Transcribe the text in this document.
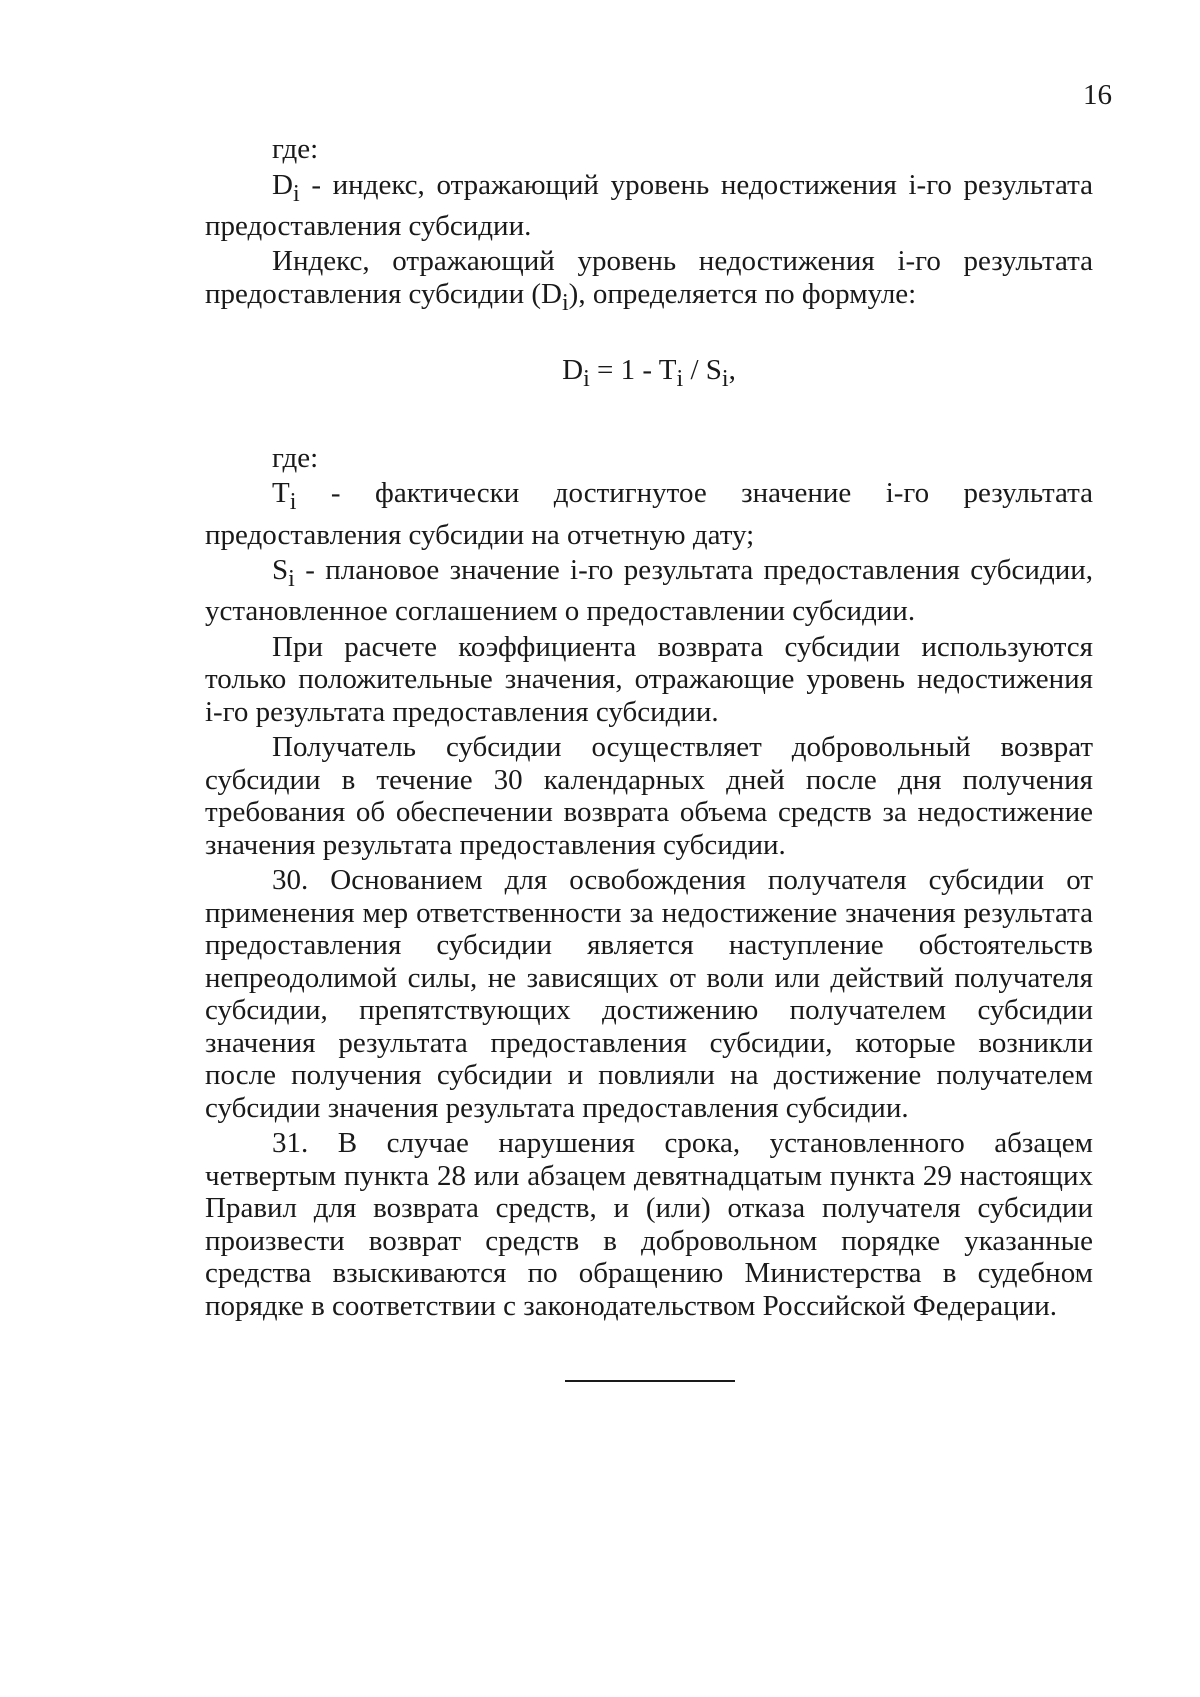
16

где:

$D_i$ - индекс, отражающий уровень недостижения i-го результата предоставления субсидии.

Индекс, отражающий уровень недостижения i-го результата предоставления субсидии $(D_i)$, определяется по формуле:

$D_i = 1 - T_i / S_i$,

где:

$T_i$ - фактически достигнутое значение i-го результата предоставления субсидии на отчетную дату;

$S_i$ - плановое значение i-го результата предоставления субсидии, установленное соглашением о предоставлении субсидии.

При расчете коэффициента возврата субсидии используются только положительные значения, отражающие уровень недостижения i-го результата предоставления субсидии.

Получатель субсидии осуществляет добровольный возврат субсидии в течение 30 календарных дней после дня получения требования об обеспечении возврата объема средств за недостижение значения результата предоставления субсидии.

30. Основанием для освобождения получателя субсидии от применения мер ответственности за недостижение значения результата предоставления субсидии является наступление обстоятельств непреодолимой силы, не зависящих от воли или действий получателя субсидии, препятствующих достижению получателем субсидии значения результата предоставления субсидии, которые возникли после получения субсидии и повлияли на достижение получателем субсидии значения результата предоставления субсидии.

31. В случае нарушения срока, установленного абзацем четвертым пункта 28 или абзацем девятнадцатым пункта 29 настоящих Правил для возврата средств, и (или) отказа получателя субсидии произвести возврат средств в добровольном порядке указанные средства взыскиваются по обращению Министерства в судебном порядке в соответствии с законодательством Российской Федерации.
